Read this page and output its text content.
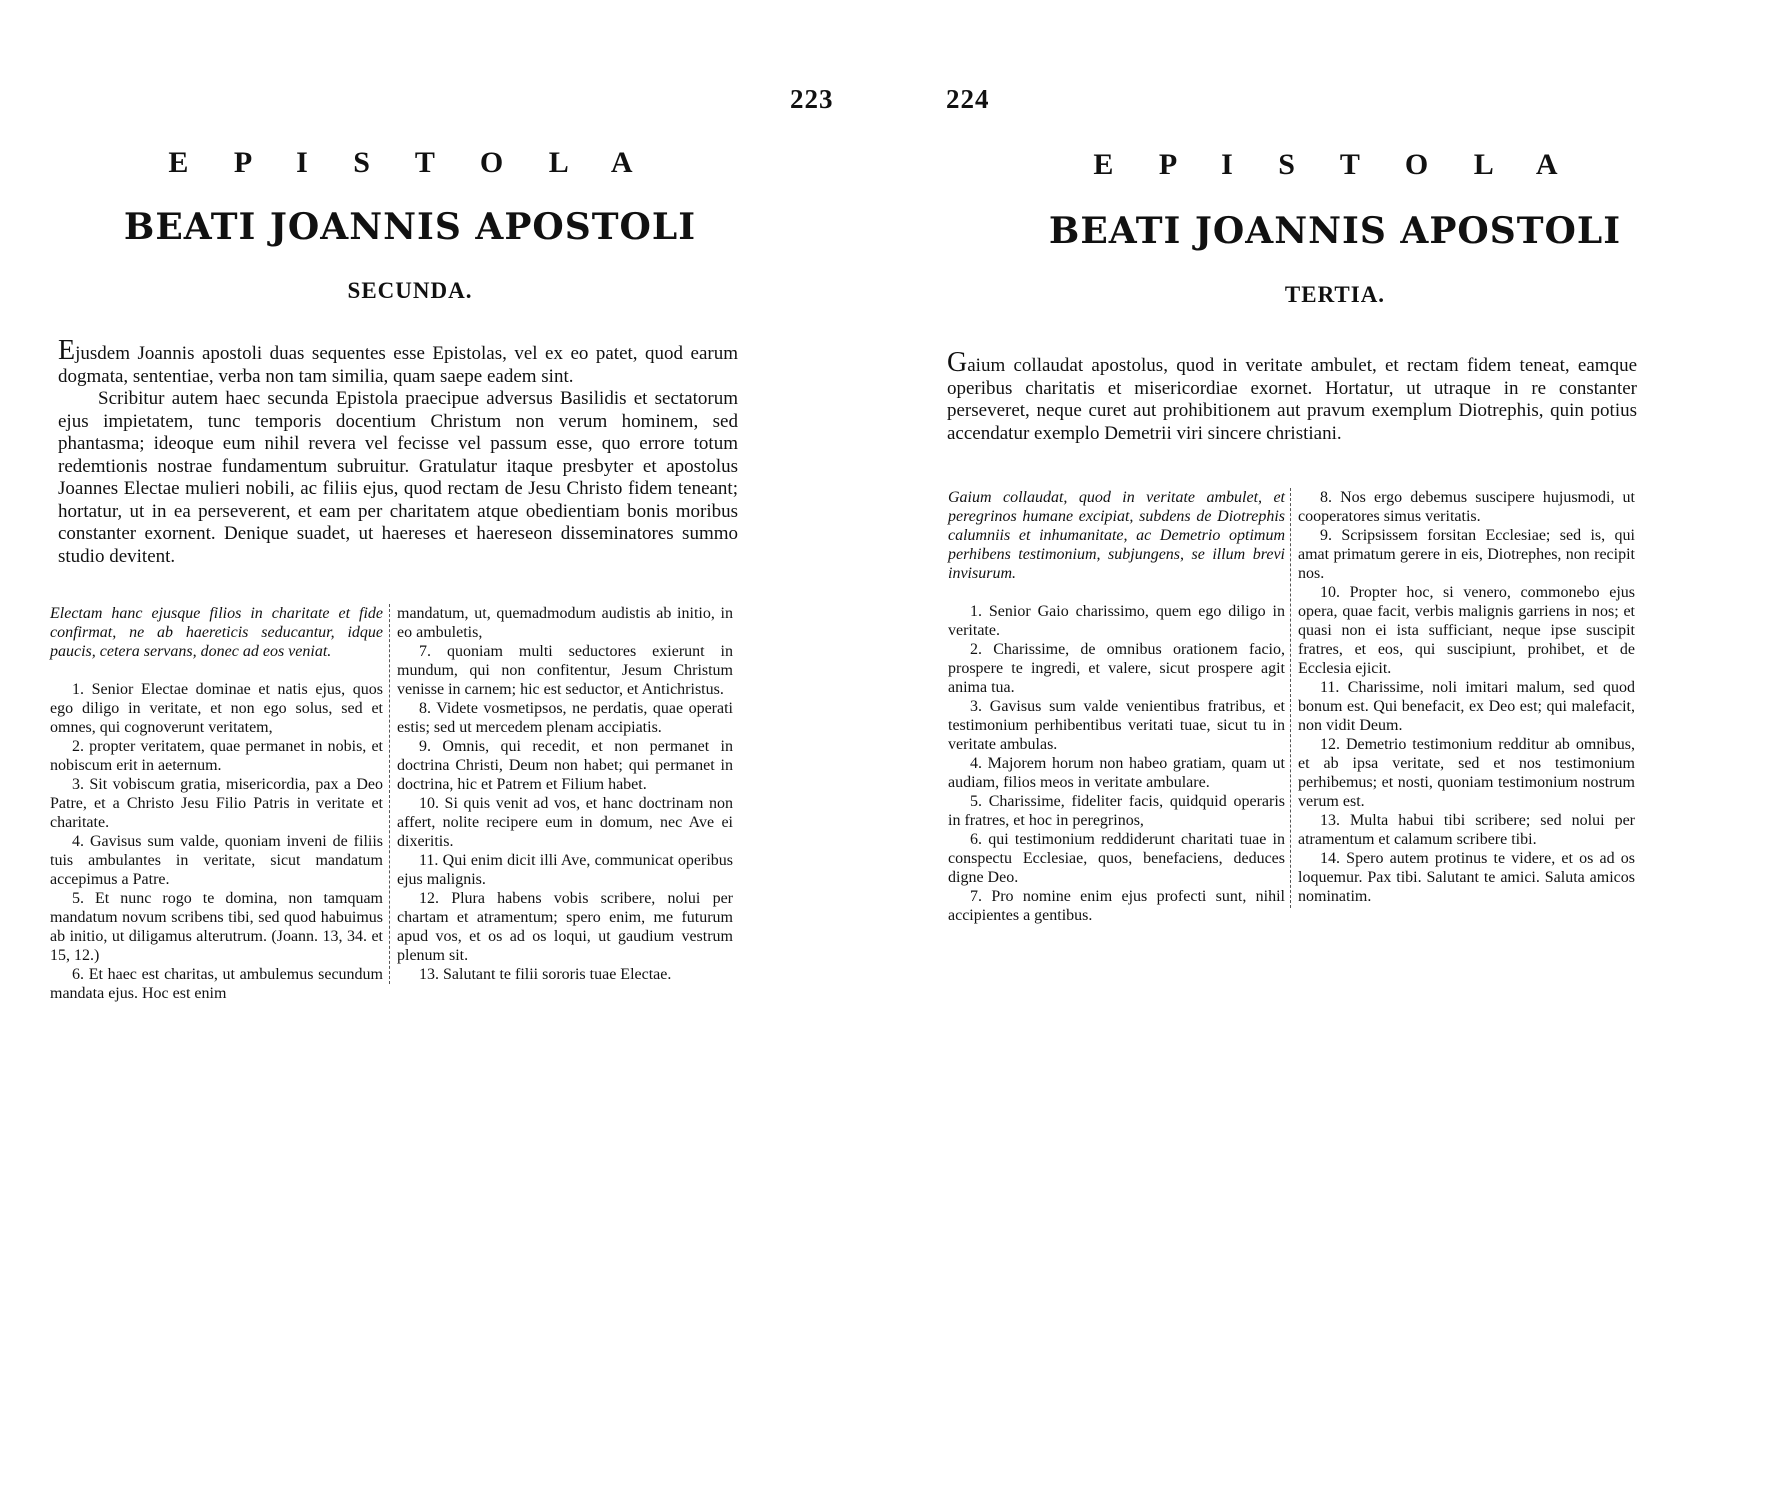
223
E P I S T O L A
BEATI JOANNIS APOSTOLI
SECUNDA.

Ejusdem Joannis apostoli duas sequentes esse Epistolas, vel ex eo patet, quod earum dogmata, sententiae, verba non tam similia, quam saepe eadem sint.

Scribitur autem haec secunda Epistola praecipue adversus Basilidis et sectatorum ejus impietatem, tunc temporis docentium Christum non verum hominem, sed phantasma; ideoque eum nihil revera vel fecisse vel passum esse, quo errore totum redemtionis nostrae fundamentum subruitur. Gratulatur itaque presbyter et apostolus Joannes Electae mulieri nobili, ac filiis ejus, quod rectam de Jesu Christo fidem teneant; hortatur, ut in ea perseverent, et eam per charitatem atque obedientiam bonis moribus constanter exornent. Denique suadet, ut haereses et haereseon disseminatores summo studio devitent.

Electam hanc ejusque filios in charitate et fide confirmat, ne ab haereticis seducantur, idque paucis, cetera servans, donec ad eos veniat.

1. Senior Electae dominae et natis ejus, quos ego diligo in veritate, et non ego solus, sed et omnes, qui cognoverunt veritatem,

2. propter veritatem, quae permanet in nobis, et nobiscum erit in aeternum.

3. Sit vobiscum gratia, misericordia, pax a Deo Patre, et a Christo Jesu Filio Patris in veritate et charitate.

4. Gavisus sum valde, quoniam inveni de filiis tuis ambulantes in veritate, sicut mandatum accepimus a Patre.

5. Et nunc rogo te domina, non tamquam mandatum novum scribens tibi, sed quod habuimus ab initio, ut diligamus alterutrum. (Joann. 13, 34. et 15, 12.)

6. Et haec est charitas, ut ambulemus secundum mandata ejus. Hoc est enim

mandatum, ut, quemadmodum audistis ab initio, in eo ambuletis,

7. quoniam multi seductores exierunt in mundum, qui non confitentur, Jesum Christum venisse in carnem; hic est seductor, et Antichristus.

8. Videte vosmetipsos, ne perdatis, quae operati estis; sed ut mercedem plenam accipiatis.

9. Omnis, qui recedit, et non permanet in doctrina Christi, Deum non habet; qui permanet in doctrina, hic et Patrem et Filium habet.

10. Si quis venit ad vos, et hanc doctrinam non affert, nolite recipere eum in domum, nec Ave ei dixeritis.

11. Qui enim dicit illi Ave, communicat operibus ejus malignis.

12. Plura habens vobis scribere, nolui per chartam et atramentum; spero enim, me futurum apud vos, et os ad os loqui, ut gaudium vestrum plenum sit.

13. Salutant te filii sororis tuae Electae.

224
E P I S T O L A
BEATI JOANNIS APOSTOLI
TERTIA.

Gaium collaudat apostolus, quod in veritate ambulet, et rectam fidem teneat, eamque operibus charitatis et misericordiae exornet. Hortatur, ut utraque in re constanter perseveret, neque curet aut prohibitionem aut pravum exemplum Diotrephis, quin potius accendatur exemplo Demetrii viri sincere christiani.

Gaium collaudat, quod in veritate ambulet, et peregrinos humane excipiat, subdens de Diotrephis calumniis et inhumanitate, ac Demetrio optimum perhibens testimonium, subjungens, se illum brevi invisurum.

1. Senior Gaio charissimo, quem ego diligo in veritate.

2. Charissime, de omnibus orationem facio, prospere te ingredi, et valere, sicut prospere agit anima tua.

3. Gavisus sum valde venientibus fratribus, et testimonium perhibentibus veritati tuae, sicut tu in veritate ambulas.

4. Majorem horum non habeo gratiam, quam ut audiam, filios meos in veritate ambulare.

5. Charissime, fideliter facis, quidquid operaris in fratres, et hoc in peregrinos,

6. qui testimonium reddiderunt charitati tuae in conspectu Ecclesiae, quos, benefaciens, deduces digne Deo.

7. Pro nomine enim ejus profecti sunt, nihil accipientes a gentibus.

8. Nos ergo debemus suscipere hujusmodi, ut cooperatores simus veritatis.

9. Scripsissem forsitan Ecclesiae; sed is, qui amat primatum gerere in eis, Diotrephes, non recipit nos.

10. Propter hoc, si venero, commonebo ejus opera, quae facit, verbis malignis garriens in nos; et quasi non ei ista sufficiant, neque ipse suscipit fratres, et eos, qui suscipiunt, prohibet, et de Ecclesia ejicit.

11. Charissime, noli imitari malum, sed quod bonum est. Qui benefacit, ex Deo est; qui malefacit, non vidit Deum.

12. Demetrio testimonium redditur ab omnibus, et ab ipsa veritate, sed et nos testimonium perhibemus; et nosti, quoniam testimonium nostrum verum est.

13. Multa habui tibi scribere; sed nolui per atramentum et calamum scribere tibi.

14. Spero autem protinus te videre, et os ad os loquemur. Pax tibi. Salutant te amici. Saluta amicos nominatim.
